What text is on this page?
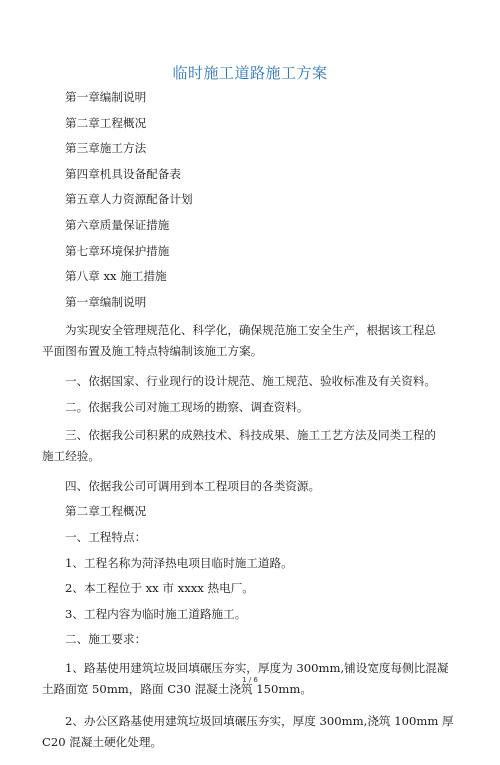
临时施工道路施工方案

第一章编制说明

第二章工程概况

第三章施工方法

第四章机具设备配备表

第五章人力资源配备计划

第六章质量保证措施

第七章环境保护措施

第八章 xx 施工措施

第一章编制说明

为实现安全管理规范化、科学化，确保规范施工安全生产，根据该工程总
平面图布置及施工特点特编制该施工方案。

一、依据国家、行业现行的设计规范、施工规范、验收标准及有关资料。

二。依据我公司对施工现场的勘察、调查资料。

三、依据我公司积累的成熟技术、科技成果、施工工艺方法及同类工程的
施工经验。

四、依据我公司可调用到本工程项目的各类资源。

第二章工程概况

一、工程特点：

1、工程名称为菏泽热电项目临时施工道路。

2、本工程位于 xx 市 xxxx 热电厂。

3、工程内容为临时施工道路施工。

二、施工要求：

1、路基使用建筑垃圾回填碾压夯实，厚度为 300mm,铺设宽度每侧比混凝
土路面宽 50mm，路面 C30 混凝土浇筑 150mm。
2、办公区路基使用建筑垃圾回填碾压夯实，厚度 300mm,浇筑 100mm 厚
C20 混凝土硬化处理。
1 / 6
